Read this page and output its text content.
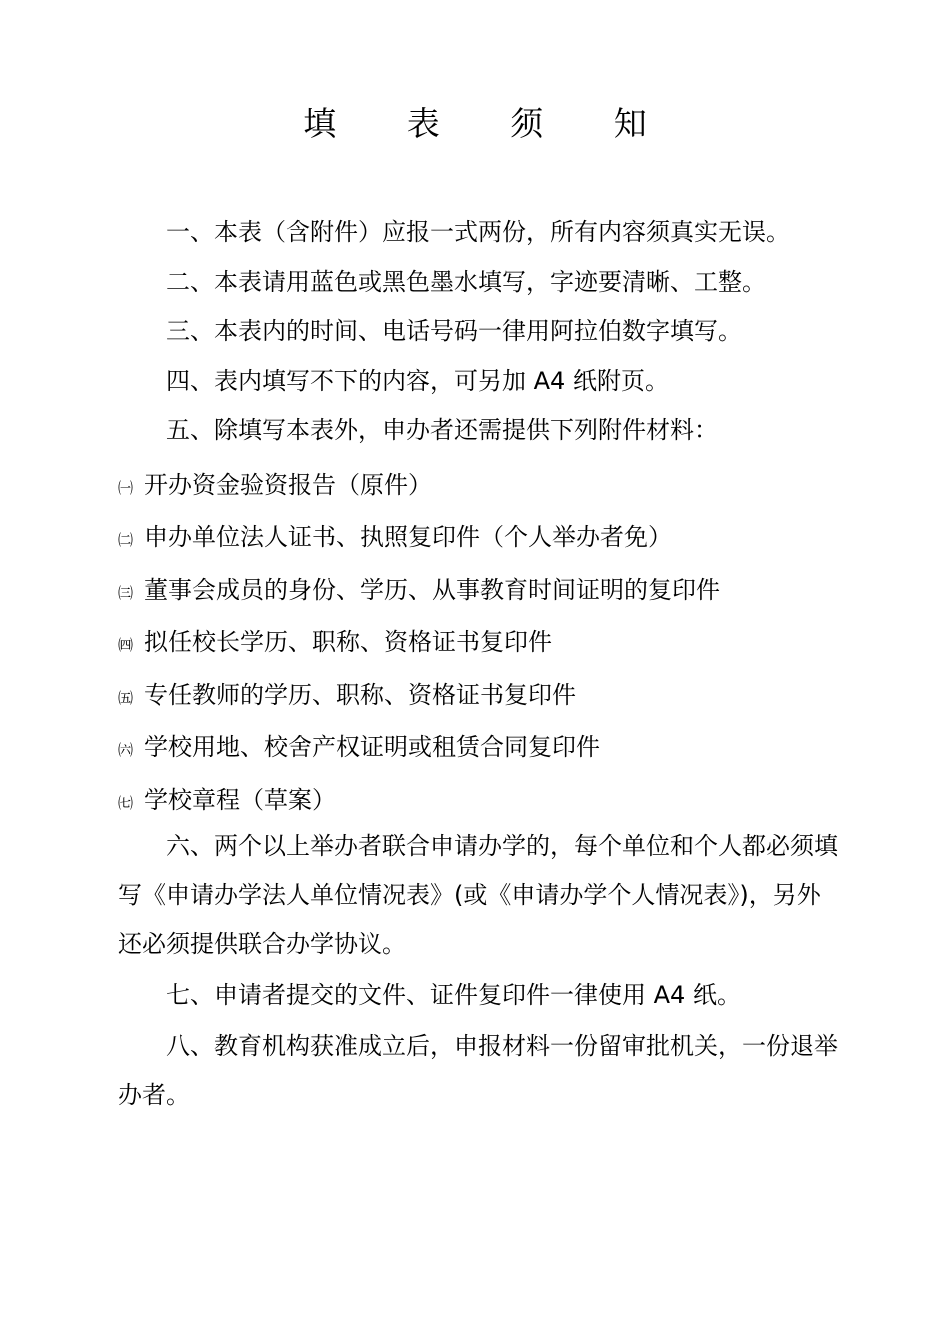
填 表 须 知

一、本表（含附件）应报一式两份，所有内容须真实无误。

二、本表请用蓝色或黑色墨水填写，字迹要清晰、工整。

三、本表内的时间、电话号码一律用阿拉伯数字填写。

四、表内填写不下的内容，可另加 A4 纸附页。

五、除填写本表外，申办者还需提供下列附件材料：

㈠ 开办资金验资报告（原件）

㈡ 申办单位法人证书、执照复印件（个人举办者免）

㈢ 董事会成员的身份、学历、从事教育时间证明的复印件

㈣ 拟任校长学历、职称、资格证书复印件

㈤ 专任教师的学历、职称、资格证书复印件

㈥ 学校用地、校舍产权证明或租赁合同复印件

㈦ 学校章程（草案）

六、两个以上举办者联合申请办学的，每个单位和个人都必须填写《申请办学法人单位情况表》(或《申请办学个人情况表》)，另外还必须提供联合办学协议。

七、申请者提交的文件、证件复印件一律使用 A4 纸。

八、教育机构获准成立后，申报材料一份留审批机关，一份退举办者。
